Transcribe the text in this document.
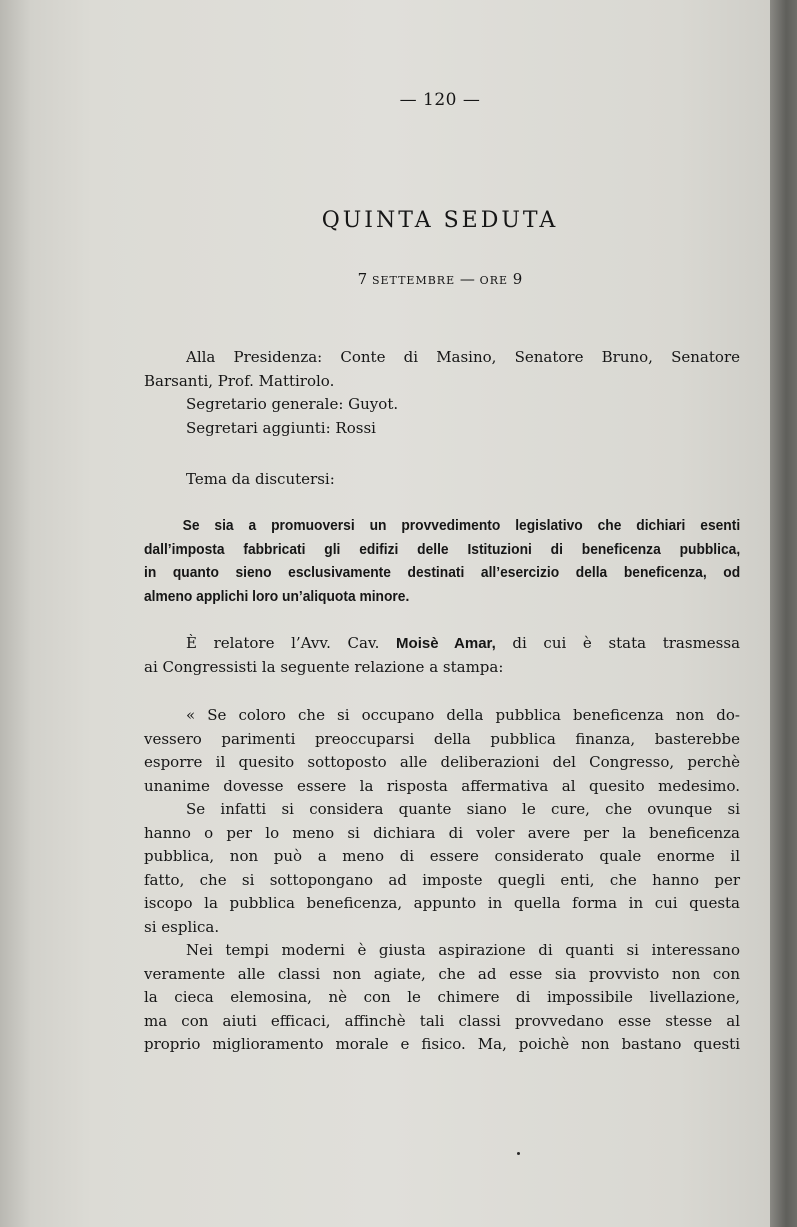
— 120 —
QUINTA SEDUTA
7 SETTEMBRE — ORE 9
Alla Presidenza: Conte di Masino, Senatore Bruno, Senatore
Barsanti, Prof. Mattirolo.
Segretario generale: Guyot.
Segretari aggiunti: Rossi
Tema da discutersi:
Se sia a promuoversi un provvedimento legislativo che dichiari esenti
dall’imposta fabbricati gli edifizi delle Istituzioni di beneficenza pubblica,
in quanto sieno esclusivamente destinati all’esercizio della beneficenza, od
almeno applichi loro un’aliquota minore.
È relatore l’Avv. Cav. Moisè Amar, di cui è stata trasmessa
ai Congressisti la seguente relazione a stampa:

« Se coloro che si occupano della pubblica beneficenza non do-
vessero parimenti preoccuparsi della pubblica finanza, basterebbe
esporre il quesito sottoposto alle deliberazioni del Congresso, perchè
unanime dovesse essere la risposta affermativa al quesito medesimo.

Se infatti si considera quante siano le cure, che ovunque si
hanno o per lo meno si dichiara di voler avere per la beneficenza
pubblica, non può a meno di essere considerato quale enorme il
fatto, che si sottopongano ad imposte quegli enti, che hanno per
iscopo la pubblica beneficenza, appunto in quella forma in cui questa
si esplica.

Nei tempi moderni è giusta aspirazione di quanti si interessano
veramente alle classi non agiate, che ad esse sia provvisto non con
la cieca elemosina, nè con le chimere di impossibile livellazione,
ma con aiuti efficaci, affinchè tali classi provvedano esse stesse al
proprio miglioramento morale e fisico. Ma, poichè non bastano questi
